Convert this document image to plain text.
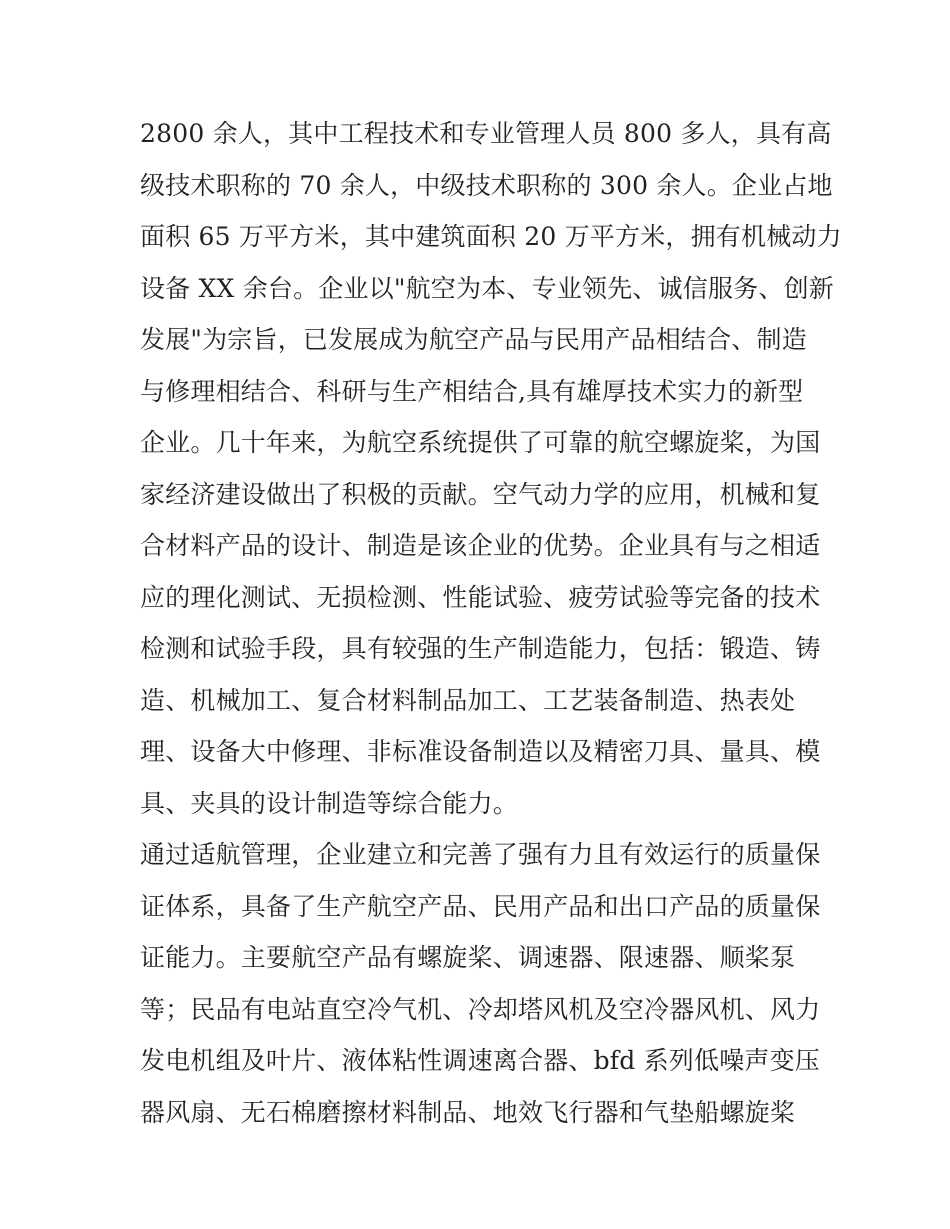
2800 余人，其中工程技术和专业管理人员 800 多人，具有高
级技术职称的 70 余人，中级技术职称的 300 余人。企业占地
面积 65 万平方米，其中建筑面积 20 万平方米，拥有机械动力
设备 XX 余台。企业以"航空为本、专业领先、诚信服务、创新
发展"为宗旨，已发展成为航空产品与民用产品相结合、制造
与修理相结合、科研与生产相结合,具有雄厚技术实力的新型
企业。几十年来，为航空系统提供了可靠的航空螺旋桨，为国
家经济建设做出了积极的贡献。空气动力学的应用，机械和复
合材料产品的设计、制造是该企业的优势。企业具有与之相适
应的理化测试、无损检测、性能试验、疲劳试验等完备的技术
检测和试验手段，具有较强的生产制造能力，包括：锻造、铸
造、机械加工、复合材料制品加工、工艺装备制造、热表处
理、设备大中修理、非标准设备制造以及精密刀具、量具、模
具、夹具的设计制造等综合能力。
通过适航管理，企业建立和完善了强有力且有效运行的质量保
证体系，具备了生产航空产品、民用产品和出口产品的质量保
证能力。主要航空产品有螺旋桨、调速器、限速器、顺桨泵
等；民品有电站直空冷气机、冷却塔风机及空冷器风机、风力
发电机组及叶片、液体粘性调速离合器、bfd 系列低噪声变压
器风扇、无石棉磨擦材料制品、地效飞行器和气垫船螺旋桨
